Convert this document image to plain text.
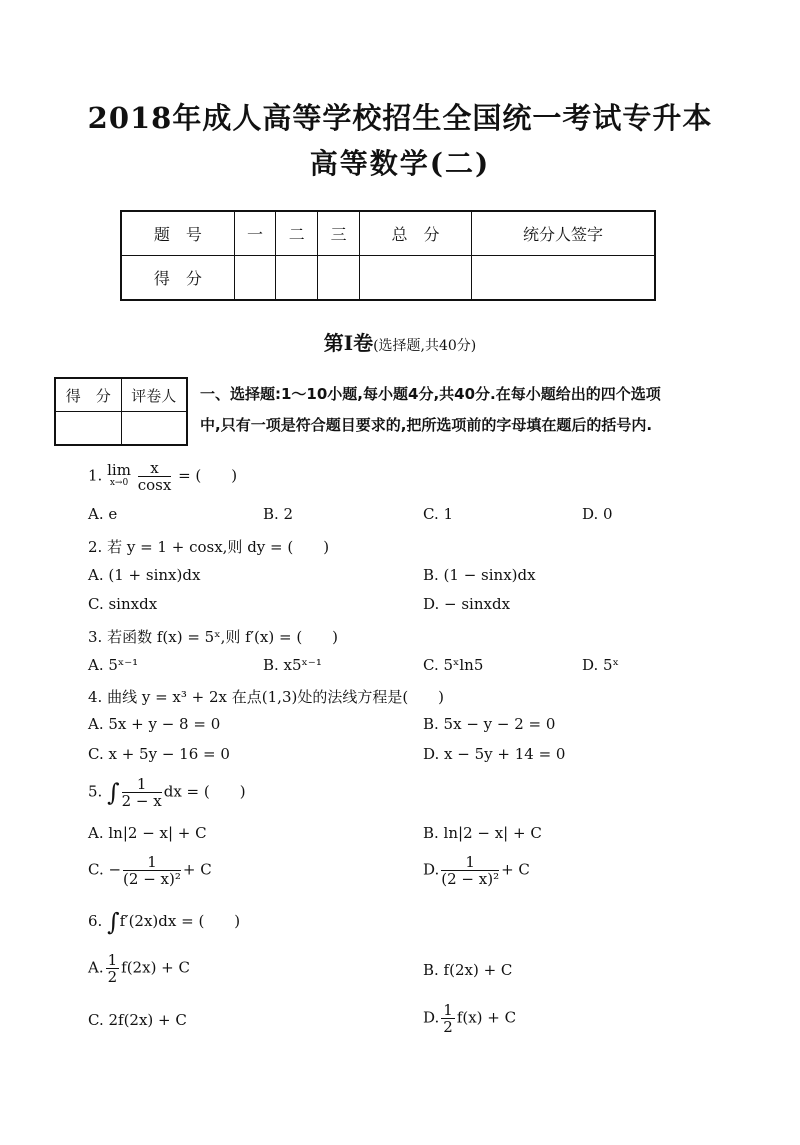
2018年成人高等学校招生全国统一考试专升本
高等数学(二)
题　号	一	二	三	总　分	统分人签字
得　分					
第Ⅰ卷(选择题,共40分)
得　分	评卷人
	一、选择题:1～10小题,每小题4分,共40分.在每小题给出的四个选项
中,只有一项是符合题目要求的,把所选项前的字母填在题后的括号内.
1. lim
x→0
$\frac{x}{\cos x}$ = (　　)
A. e	B. 2	C. 1	D. 0
2. 若 y = 1 + cosx,则 dy = (　　)
A. (1 + sinx)dx	B. (1 − sinx)dx
C. sinxdx	D. − sinxdx
3. 若函数 f(x) = 5ˣ,则 f′(x) = (　　)
A. 5ˣ⁻¹	B. x5ˣ⁻¹	C. 5ˣln5	D. 5ˣ
4. 曲线 y = x³ + 2x 在点(1,3)处的法线方程是(　　)
A. 5x + y − 8 = 0	B. 5x − y − 2 = 0
C. x + 5y − 16 = 0	D. x − 5y + 14 = 0
5. ∫ $\frac{1}{2 - x}$ dx = (　　)
A. ln|2 − x| + C	B. ln|2 − x| + C
C. − $\frac{1}{\text{(2 − x)²}} + C$	D. $\frac{1}{\text{(2 − x)²}} + C$
6. ∫f′(2x)dx = (　　)
A. $\frac{1}{2} f(2x) + C$	B. f(2x) + C
C. 2f(2x) + C	D. $\frac{1}{2} f(x) + C$
